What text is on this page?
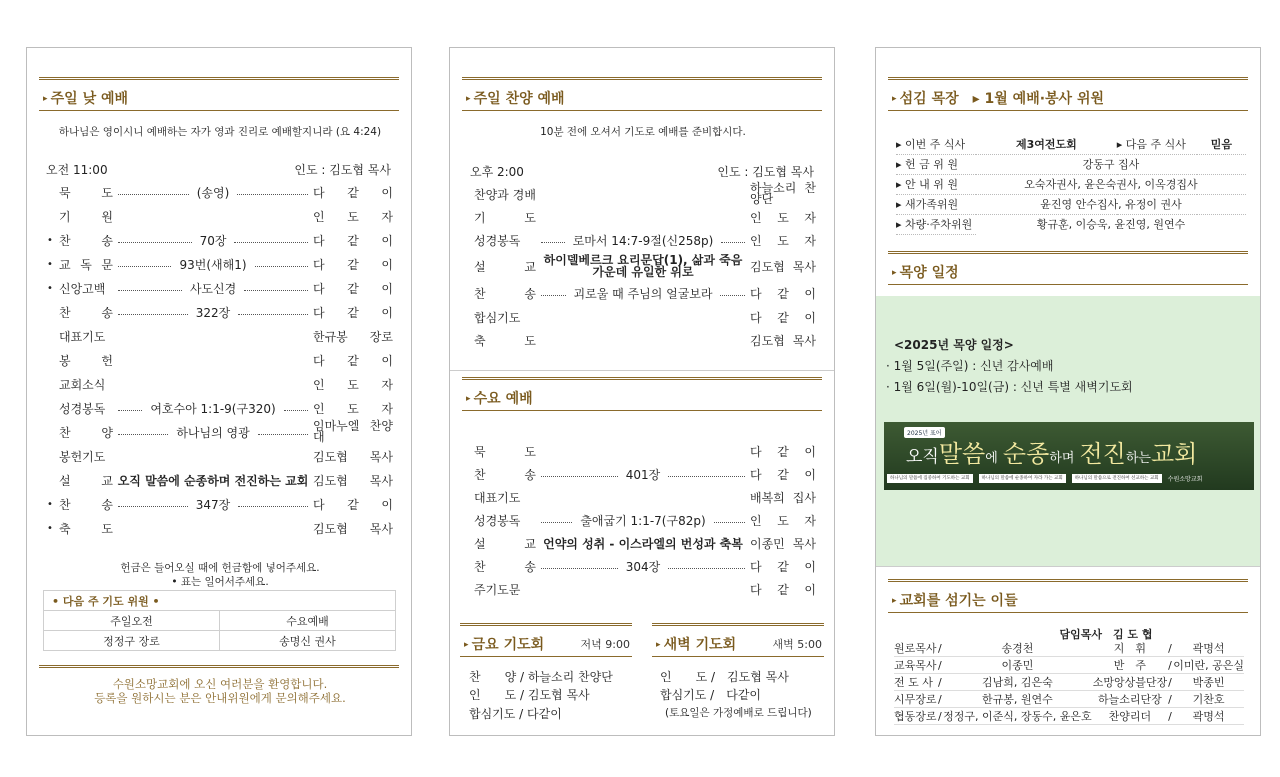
▸ 주일 낮 예배
하나님은 영이시니 예배하는 자가 영과 진리로 예배할지니라 (요 4:24)
오전 11:00	인도 : 김도협 목사
묵 도	(송영)	다 같 이
기 원	인 도 자
• 찬 송	70장	다 같 이
• 교 독 문	93번(새해1)	다 같 이
• 신앙고백	사도신경	다 같 이
찬 송	322장	다 같 이
대표기도	한규봉 장로
봉 헌	다 같 이
교회소식	인 도 자
성경봉독	여호수아 1:1-9(구320)	인 도 자
찬 양	하나님의 영광	임마누엘 찬양대
봉헌기도	김도협 목사
설 교 오직 말씀에 순종하며 전진하는 교회 김도협 목사
• 찬 송	347장	다 같 이
• 축 도	김도협 목사
헌금은 들어오실 때에 헌금함에 넣어주세요.
• 표는 일어서주세요.
• 다음 주 기도 위원 •	
주일오전	수요예배
정정구 장로	송명신 권사
수원소망교회에 오신 여러분을 환영합니다.
등록을 원하시는 분은 안내위원에게 문의해주세요.
▸ 주일 찬양 예배
10분 전에 오셔서 기도로 예배를 준비합시다.
오후 2:00	인도 : 김도협 목사
찬양과 경배	하늘소리 찬양단
기 도	인 도 자
성경봉독	로마서 14:7-9절(신258p)	인 도 자
설 교 하이델베르크 요리문답(1), 삶과 죽음 가운데 유일한 위로	김도협 목사
찬 송	괴로울 때 주님의 얼굴보라	다 같 이
합심기도	다 같 이
축 도	김도협 목사
▸ 수요 예배
묵 도	다 같 이
찬 송	401장	다 같 이
대표기도	배복희 집사
성경봉독	출애굽기 1:1-7(구82p)	인 도 자
설 교 언약의 성취 - 이스라엘의 번성과 축복 이종민 목사
찬 송	304장	다 같 이
주기도문	다 같 이
▸ 금요 기도회	저녁 9:00	▸ 새벽 기도회	새벽 5:00
찬　　양 / 하늘소리 찬양단
인　　도 / 김도협 목사
합심기도 / 다같이
인　　도 /　김도협 목사
합심기도 /　다같이
(토요일은 가정예배로 드립니다)
▸ 섬김 목장　▸ 1월 예배·봉사 위원
▸ 이번 주 식사	제3여전도회	▸ 다음 주 식사	믿음
▸ 헌 금 위 원	강동구 집사		
▸ 안 내 위 원	오숙자권사, 윤은숙권사, 이옥경집사		
▸ 새가족위원	윤진영 안수집사, 유정이 권사		
▸ 차량·주차위원	황규훈, 이승욱, 윤진영, 원연수		
▸ 목양 일정
<2025년 목양 일정>
· 1월 5일(주일) : 신년 감사예배
· 1월 6일(월)-10일(금) : 신년 특별 새벽기도회
2025년 표어
오직말씀에 순종하며 전진하는교회
하나님의 말씀에 집중하여 기도하는 교회	하나님의 말씀에 순종하여 자라 가는 교회	하나님의 말씀으로 전진하여 선교하는 교회	수원소망교회
▸ 교회를 섬기는 이들
담임목사　김 도 협
원로목사	/	송경천	지　휘	/	곽명석
교육목사	/	이종민	반　주	/	이미란, 공은실
전 도 사	/	김남희, 김은숙	소망앙상블단장	/	박종빈
시무장로	/	한규봉, 원연수	하늘소리단장	/	기찬호
협동장로	/	정정구, 이준식, 장동수, 윤은호	찬양리더	/	곽명석
